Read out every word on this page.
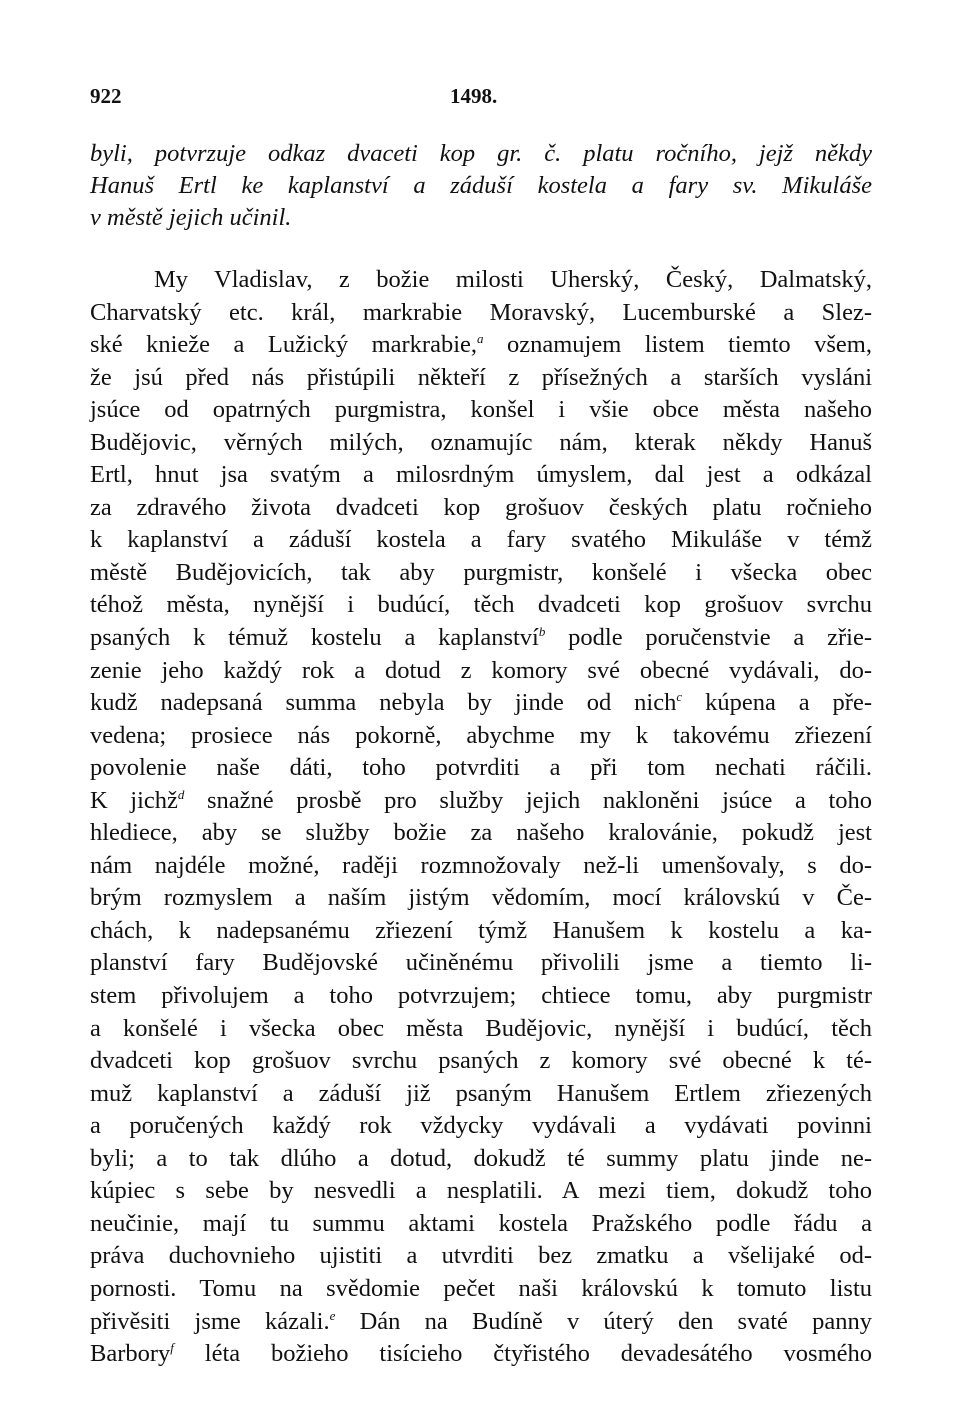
922	1498.
byli, potvrzuje odkaz dvaceti kop gr. č. platu ročního, jejž někdy
Hanuš Ertl ke kaplanství a záduší kostela a fary sv. Mikuláše
v městě jejich učinil.
My Vladislav, z božie milosti Uherský, Český, Dalmatský,
Charvatský etc. král, markrabie Moravský, Lucemburské a Slez-
ské knieže a Lužický markrabie,$^a$ oznamujem listem tiemto všem,
že jsú před nás přistúpili někteří z přísežných a starších vysláni
jsúce od opatrných purgmistra, konšel i všie obce města našeho
Budějovic, věrných milých, oznamujíc nám, kterak někdy Hanuš
Ertl, hnut jsa svatým a milosrdným úmyslem, dal jest a odkázal
za zdravého života dvadceti kop grošuov českých platu ročnieho
k kaplanství a záduší kostela a fary svatého Mikuláše v témž
městě Budějovicích, tak aby purgmistr, konšelé i všecka obec
téhož města, nynější i budúcí, těch dvadceti kop grošuov svrchu
psaných k témuž kostelu a kaplanství$^b$ podle poručenstvie a zřie-
zenie jeho každý rok a dotud z komory své obecné vydávali, do-
kudž nadepsaná summa nebyla by jinde od nich$^c$ kúpena a pře-
vedena; prosiece nás pokorně, abychme my k takovému zřiezení
povolenie naše dáti, toho potvrditi a při tom nechati ráčili.
K jichž$^d$ snažné prosbě pro služby jejich nakloněni jsúce a toho
hlediece, aby se služby božie za našeho kralovánie, pokudž jest
nám najdéle možné, raději rozmnožovaly než-li umenšovaly, s do-
brým rozmyslem a naším jistým vědomím, mocí královskú v Če-
chách, k nadepsanému zřiezení týmž Hanušem k kostelu a ka-
planství fary Budějovské učiněnému přivolili jsme a tiemto li-
stem přivolujem a toho potvrzujem; chtiece tomu, aby purgmistr
a konšelé i všecka obec města Budějovic, nynější i budúcí, těch
dvadceti kop grošuov svrchu psaných z komory své obecné k té-
muž kaplanství a záduší již psaným Hanušem Ertlem zřiezených
a poručených každý rok vždycky vydávali a vydávati povinni
byli; a to tak dlúho a dotud, dokudž té summy platu jinde ne-
kúpiec s sebe by nesvedli a nesplatili. A mezi tiem, dokudž toho
neučinie, mají tu summu aktami kostela Pražského podle řádu a
práva duchovnieho ujistiti a utvrditi bez zmatku a všelijaké od-
pornosti. Tomu na svědomie pečet naši královskú k tomuto listu
přivěsiti jsme kázali.$^e$ Dán na Budíně v úterý den svaté panny
Barbory$^f$ léta božieho tisícieho čtyřistého devadesátého vosmého
